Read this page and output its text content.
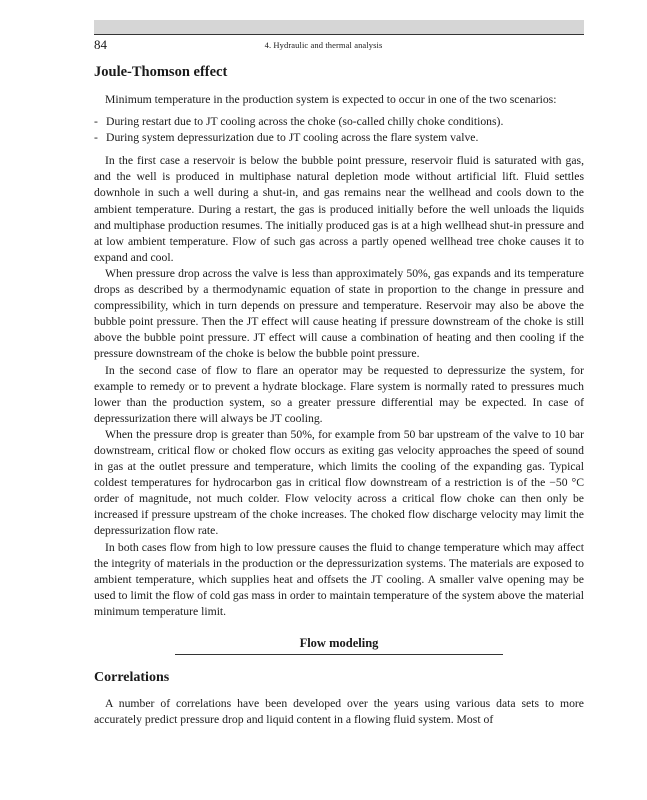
84	4. Hydraulic and thermal analysis
Joule-Thomson effect

Minimum temperature in the production system is expected to occur in one of the two scenarios:

- During restart due to JT cooling across the choke (so-called chilly choke conditions).
- During system depressurization due to JT cooling across the flare system valve.

In the first case a reservoir is below the bubble point pressure, reservoir fluid is saturated with gas, and the well is produced in multiphase natural depletion mode without artificial lift. Fluid settles downhole in such a well during a shut-in, and gas remains near the wellhead and cools down to the ambient temperature. During a restart, the gas is produced initially before the well unloads the liquids and multiphase production resumes. The initially produced gas is at a high wellhead shut-in pressure and at low ambient temperature. Flow of such gas across a partly opened wellhead tree choke causes it to expand and cool.

When pressure drop across the valve is less than approximately 50%, gas expands and its temperature drops as described by a thermodynamic equation of state in proportion to the change in pressure and compressibility, which in turn depends on pressure and temperature. Reservoir may also be above the bubble point pressure. Then the JT effect will cause heating if pressure downstream of the choke is still above the bubble point pressure. JT effect will cause a combination of heating and then cooling if the pressure downstream of the choke is below the bubble point pressure.

In the second case of flow to flare an operator may be requested to depressurize the system, for example to remedy or to prevent a hydrate blockage. Flare system is normally rated to pressures much lower than the production system, so a greater pressure differential may be expected. In case of depressurization there will always be JT cooling.

When the pressure drop is greater than 50%, for example from 50 bar upstream of the valve to 10 bar downstream, critical flow or choked flow occurs as exiting gas velocity approaches the speed of sound in gas at the outlet pressure and temperature, which limits the cooling of the expanding gas. Typical coldest temperatures for hydrocarbon gas in critical flow downstream of a restriction is of the −50 °C order of magnitude, not much colder. Flow velocity across a critical flow choke can then only be increased if pressure upstream of the choke increases. The choked flow discharge velocity may limit the depressurization flow rate.

In both cases flow from high to low pressure causes the fluid to change temperature which may affect the integrity of materials in the production or the depressurization systems. The materials are exposed to ambient temperature, which supplies heat and offsets the JT cooling. A smaller valve opening may be used to limit the flow of cold gas mass in order to maintain temperature of the system above the material minimum temperature limit.

Flow modeling
Correlations

A number of correlations have been developed over the years using various data sets to more accurately predict pressure drop and liquid content in a flowing fluid system. Most of
